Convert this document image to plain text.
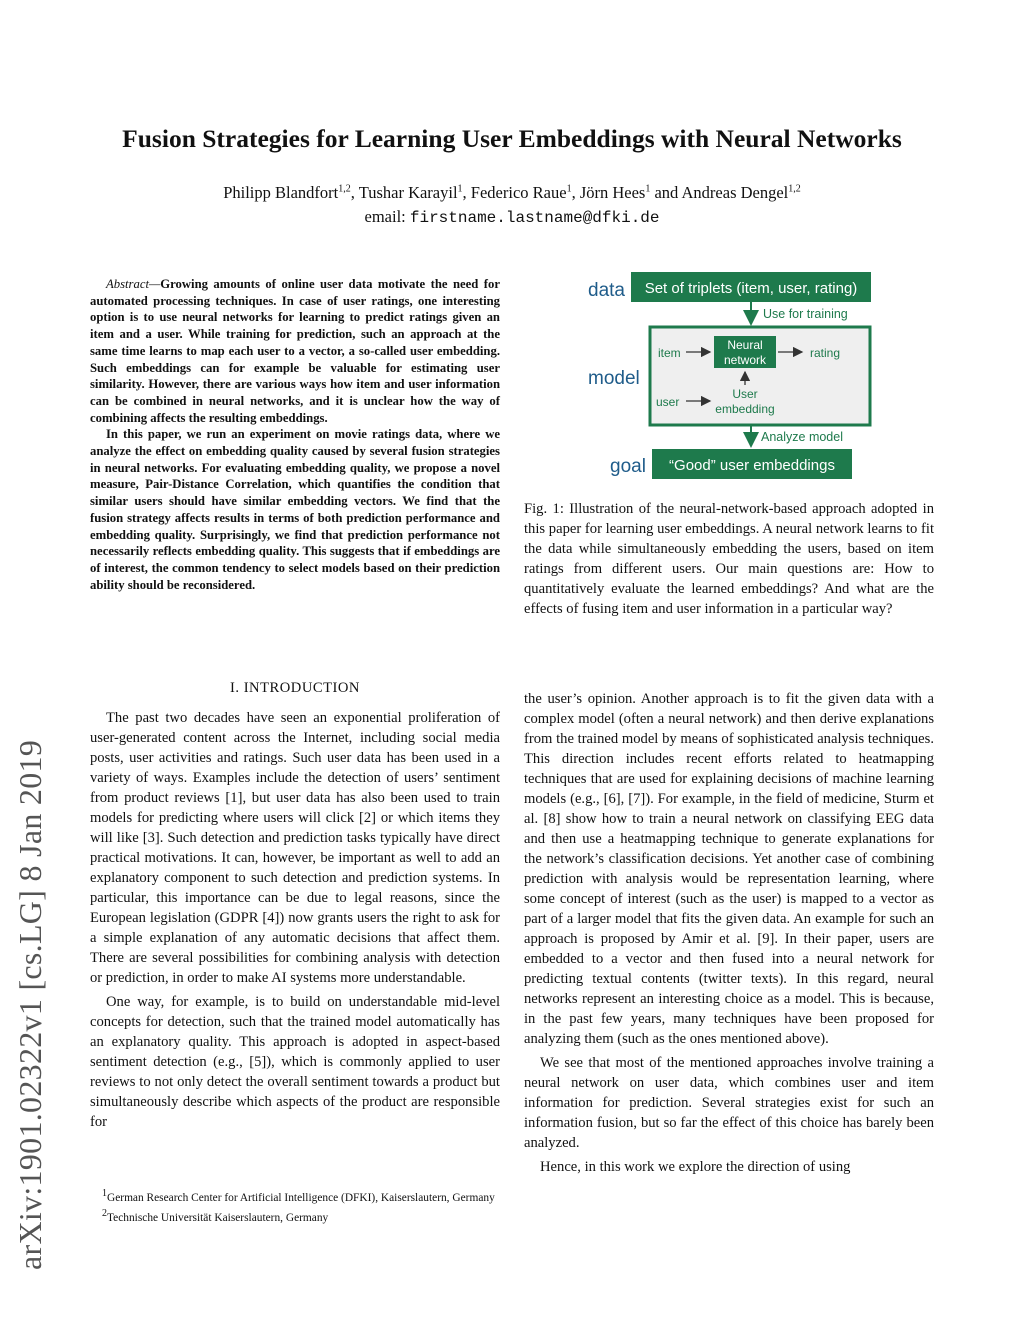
arXiv:1901.02322v1 [cs.LG] 8 Jan 2019
Fusion Strategies for Learning User Embeddings with Neural Networks
Philipp Blandfort$^{1,2}$, Tushar Karayil$^1$, Federico Raue$^1$, Jörn Hees$^1$ and Andreas Dengel$^{1,2}$
email: firstname.lastname@dfki.de

Abstract—Growing amounts of online user data motivate the need for automated processing techniques. In case of user ratings, one interesting option is to use neural networks for learning to predict ratings given an item and a user. While training for prediction, such an approach at the same time learns to map each user to a vector, a so-called user embedding. Such embeddings can for example be valuable for estimating user similarity. However, there are various ways how item and user information can be combined in neural networks, and it is unclear how the way of combining affects the resulting embeddings.

In this paper, we run an experiment on movie ratings data, where we analyze the effect on embedding quality caused by several fusion strategies in neural networks. For evaluating embedding quality, we propose a novel measure, Pair-Distance Correlation, which quantifies the condition that similar users should have similar embedding vectors. We find that the fusion strategy affects results in terms of both prediction performance and embedding quality. Surprisingly, we find that prediction performance not necessarily reflects embedding quality. This suggests that if embeddings are of interest, the common tendency to select models based on their prediction ability should be reconsidered.

I. INTRODUCTION

The past two decades have seen an exponential proliferation of user-generated content across the Internet, including social media posts, user activities and ratings. Such user data has been used in a variety of ways. Examples include the detection of users’ sentiment from product reviews [1], but user data has also been used to train models for predicting where users will click [2] or which items they will like [3]. Such detection and prediction tasks typically have direct practical motivations. It can, however, be important as well to add an explanatory component to such detection and prediction systems. In particular, this importance can be due to legal reasons, since the European legislation (GDPR [4]) now grants users the right to ask for a simple explanation of any automatic decisions that affect them. There are several possibilities for combining analysis with detection or prediction, in order to make AI systems more understandable.

One way, for example, is to build on understandable mid-level concepts for detection, such that the trained model automatically has an explanatory quality. This approach is adopted in aspect-based sentiment detection (e.g., [5]), which is commonly applied to user reviews to not only detect the overall sentiment towards a product but simultaneously describe which aspects of the product are responsible for

$^1$German Research Center for Artificial Intelligence (DFKI), Kaiserslautern, Germany

$^2$Technische Universität Kaiserslautern, Germany

data
model
goal
Set of triplets (item, user, rating)
Use for training
Neural
network
item	rating
user
User
embedding
Analyze model
“Good” user embeddings

Fig. 1: Illustration of the neural-network-based approach adopted in this paper for learning user embeddings. A neural network learns to fit the data while simultaneously embedding the users, based on item ratings from different users. Our main questions are: How to quantitatively evaluate the learned embeddings? And what are the effects of fusing item and user information in a particular way?

the user’s opinion. Another approach is to fit the given data with a complex model (often a neural network) and then derive explanations from the trained model by means of sophisticated analysis techniques. This direction includes recent efforts related to heatmapping techniques that are used for explaining decisions of machine learning models (e.g., [6], [7]). For example, in the field of medicine, Sturm et al. [8] show how to train a neural network on classifying EEG data and then use a heatmapping technique to generate explanations for the network’s classification decisions. Yet another case of combining prediction with analysis would be representation learning, where some concept of interest (such as the user) is mapped to a vector as part of a larger model that fits the given data. An example for such an approach is proposed by Amir et al. [9]. In their paper, users are embedded to a vector and then fused into a neural network for predicting textual contents (twitter texts). In this regard, neural networks represent an interesting choice as a model. This is because, in the past few years, many techniques have been proposed for analyzing them (such as the ones mentioned above).

We see that most of the mentioned approaches involve training a neural network on user data, which combines user and item information for prediction. Several strategies exist for such an information fusion, but so far the effect of this choice has barely been analyzed.

Hence, in this work we explore the direction of using
